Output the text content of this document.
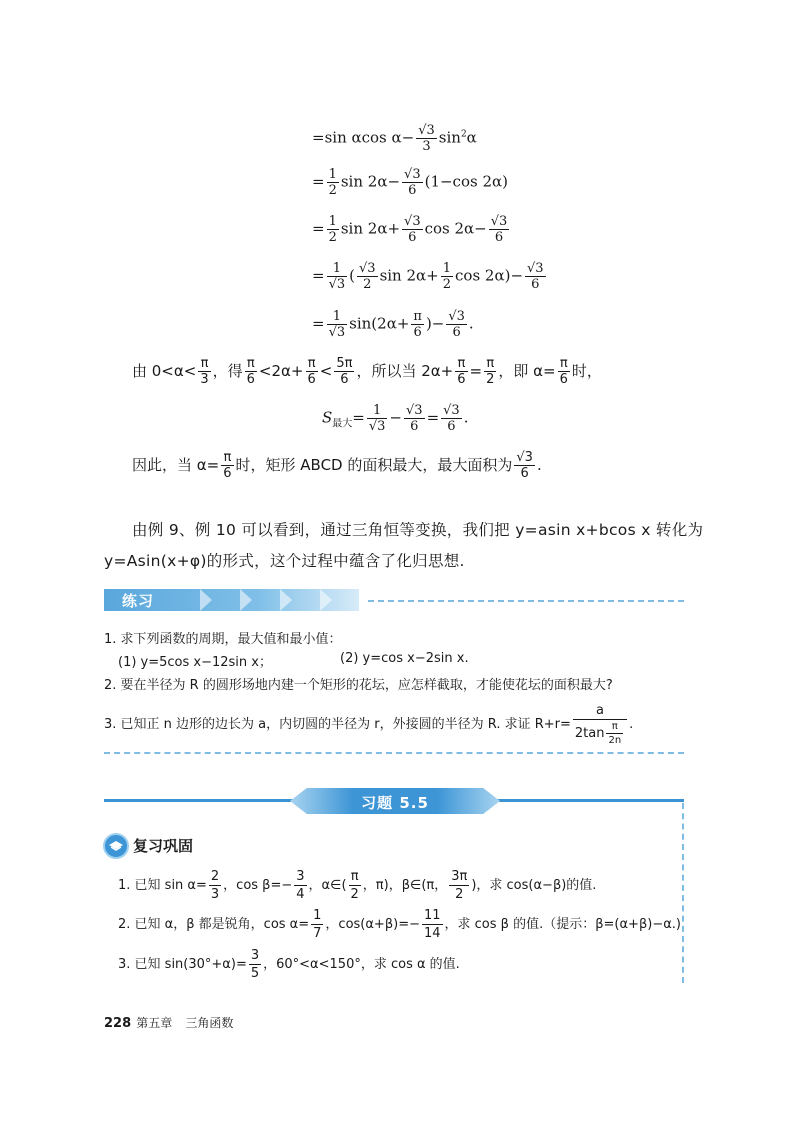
=sin αcos $\alpha- \frac{√3}{3} \sin^2\alpha$
= $\frac{1}{2}$ $\sin 2\alpha- \frac{√3}{6} (1-\cos$ 2α)
= $\frac{1}{2}$ $\sin 2\alpha+ \frac{√3}{6}$ $\cos 2\alpha- \frac{√3}{6}$
= $\frac{1}{√3}$ ( $\frac{√3}{2}$ $\sin 2\alpha+ \frac{1}{2}$ $\cos 2\alpha)- \frac{√3}{6}$
= $\frac{1}{√3} \sin(2\alpha+ \frac{\pi}{6}$ )− $\frac{√3}{6}$ .
由 $0<\alpha< \frac{\pi}{3}$ ，得 $\frac{\pi}{6} <2\alpha+ \frac{\pi}{6} < \frac{5\pi}{6}$ ，所以当 $2\alpha+ \frac{\pi}{6} = \frac{\pi}{2}$ ，即 $\alpha= \frac{\pi}{6}$ 时，
$S_{最大}= \frac{1}{√3} - \frac{√3}{6} = \frac{√3}{6}$ .
因此，当 $\alpha= \frac{\pi}{6}$ 时，矩形 ABCD 的面积最大，最大面积为 $\frac{√3}{6}$ .
由例 9、例 10 可以看到，通过三角恒等变换，我们把 y=asin x+bcos x 转化为
y=Asin(x+φ)的形式，这个过程中蕴含了化归思想.
练习
1. 求下列函数的周期，最大值和最小值：
(1) y=5cos x−12sin x；	(2) y=cos x−2sin x.
2. 要在半径为 R 的圆形场地内建一个矩形的花坛，应怎样截取，才能使花坛的面积最大?
3. 已知正 n 边形的边长为 a，内切圆的半径为 r，外接圆的半径为 R. 求证 $R+r= \frac{a}{2\tan \frac{\pi}{2n}}$ .
习题 5.5
复习巩固
1. 已知 $\sin \alpha= \frac{2}{3}$ ，$\cos \beta=- \frac{3}{4}$ ，α∈( $\frac{\pi}{2}$ ，π)，β∈(π， $\frac{3\pi}{2}$ )，求 cos(α−β)的值.
2. 已知 α，β 都是锐角，$\cos \alpha= \frac{1}{7}$ ，$\cos(\alpha+\beta)=- \frac{11}{14}$ ，求 cos β 的值.（提示：β=(α+β)−α.)
3. 已知 $\sin(30^\circ+\alpha)= \frac{3}{5}$ ，60°<α<150°，求 cos α 的值.
228 第五章 三角函数
